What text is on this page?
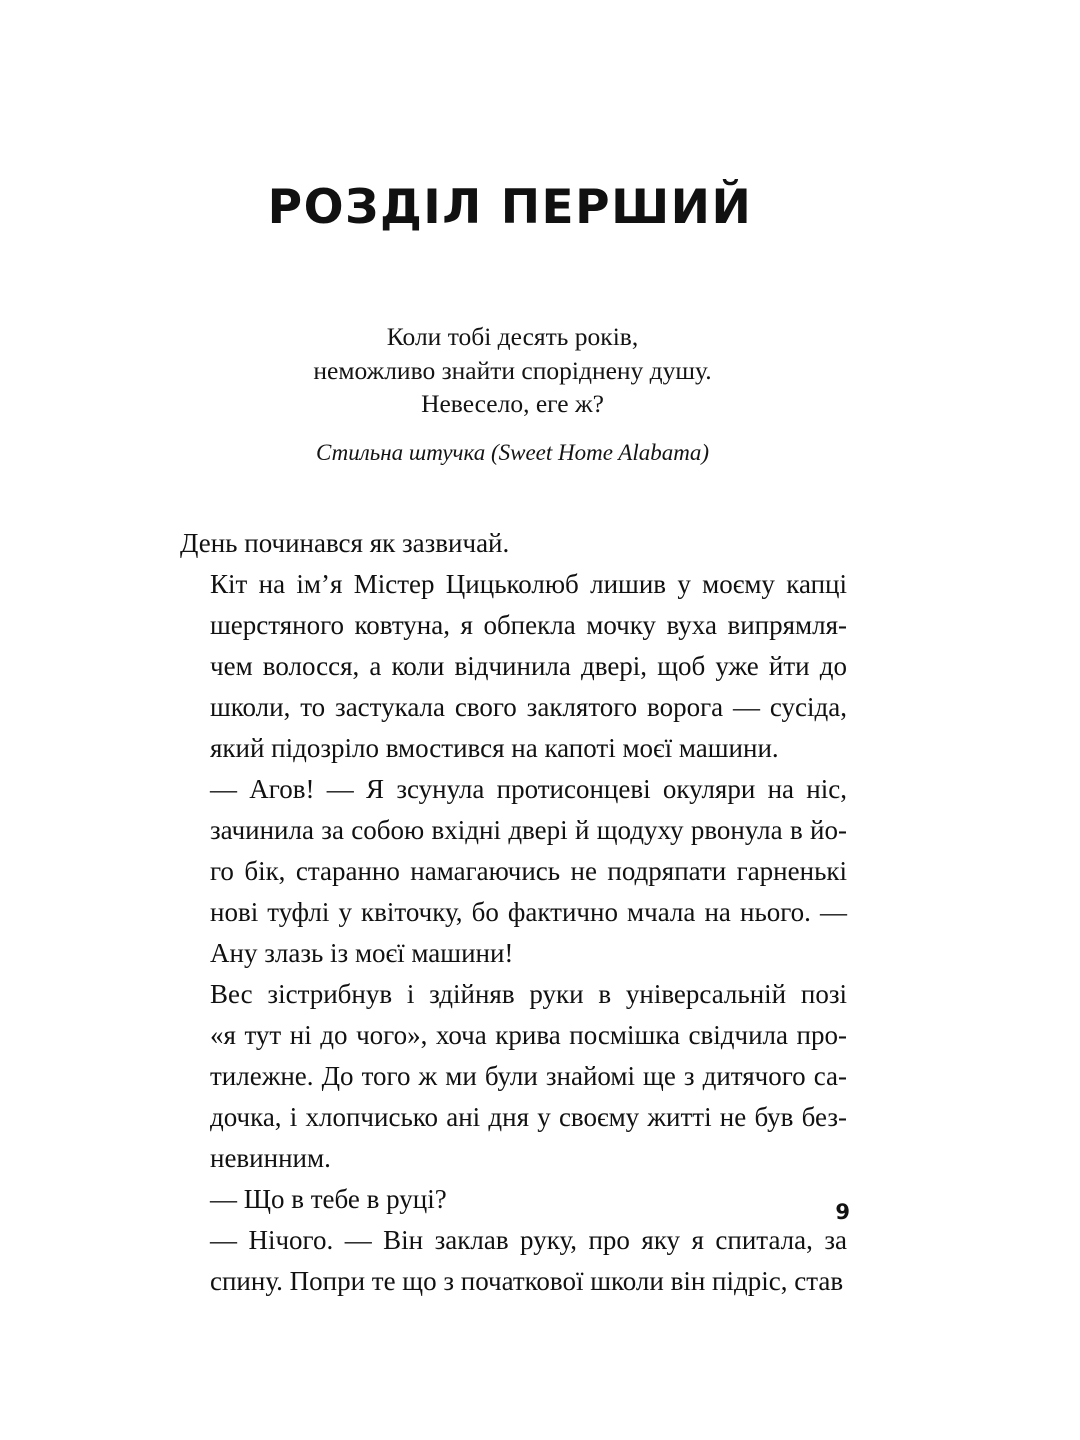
РОЗДІЛ ПЕРШИЙ
Коли тобі десять років,
неможливо знайти споріднену душу.
Невесело, еге ж?
Стильна штучка (Sweet Home Alabama)

День починався як зазвичай.

Кіт на ім’я Містер Цицьколюб лишив у моєму капці
шерстяного ковтуна, я обпекла мочку вуха випрямля-
чем волосся, а коли відчинила двері, щоб уже йти до
школи, то застукала свого заклятого ворога — сусіда,
який підозріло вмостився на капоті моєї машини.

— Агов! — Я зсунула протисонцеві окуляри на ніс,
зачинила за собою вхідні двері й щодуху рвонула в йо-
го бік, старанно намагаючись не подряпати гарненькі
нові туфлі у квіточку, бо фактично мчала на нього. —
Ану злазь із моєї машини!

Вес зістрибнув і здійняв руки в універсальній позі
«я тут ні до чого», хоча крива посмішка свідчила про-
тилежне. До того ж ми були знайомі ще з дитячого са-
дочка, і хлопчисько ані дня у своєму житті не був без-
невинним.

— Що в тебе в руці?

— Нічого. — Він заклав руку, про яку я спитала, за
спину. Попри те що з початкової школи він підріс, став

9
